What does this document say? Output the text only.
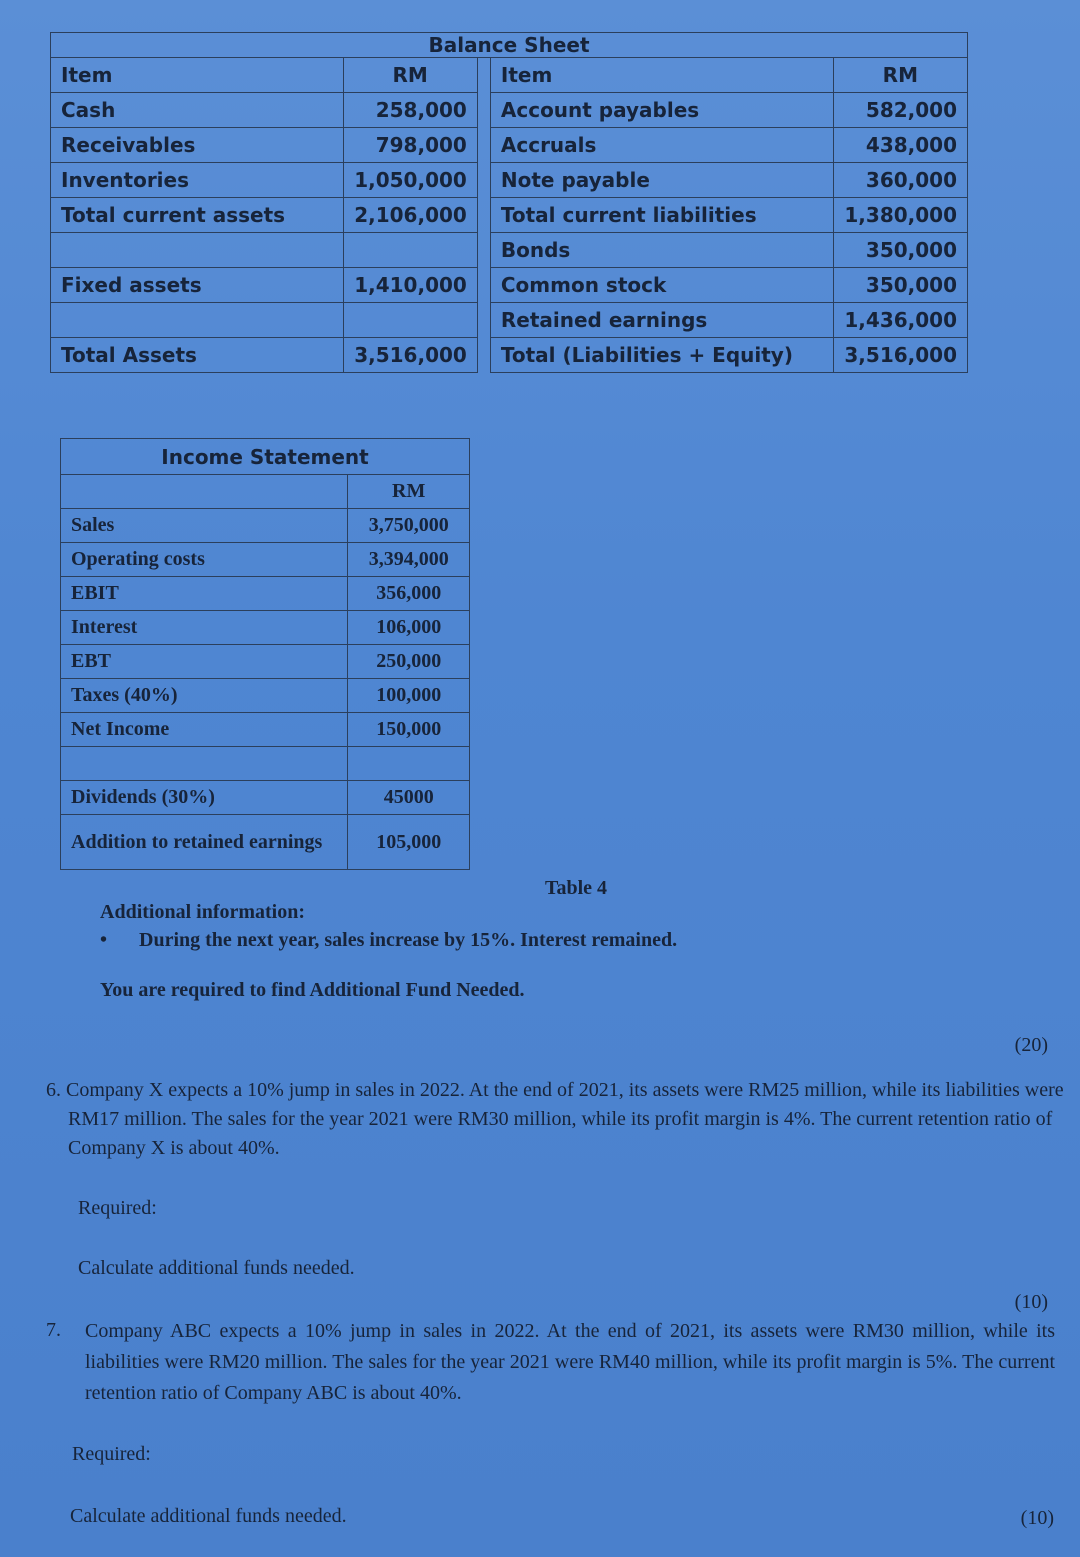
Balance Sheet				
Item	RM		Item	RM
Cash	258,000		Account payables	582,000
Receivables	798,000		Accruals	438,000
Inventories	1,050,000		Note payable	360,000
Total current assets	2,106,000		Total current liabilities	1,380,000
			Bonds	350,000
Fixed assets	1,410,000		Common stock	350,000
			Retained earnings	1,436,000
Total Assets	3,516,000		Total (Liabilities + Equity)	3,516,000
Income Statement	
	RM
Sales	3,750,000
Operating costs	3,394,000
EBIT	356,000
Interest	106,000
EBT	250,000
Taxes (40%)	100,000
Net Income	150,000

Dividends (30%)	45000
Addition to retained earnings	105,000
Table 4
Additional information:
• During the next year, sales increase by 15%. Interest remained.
You are required to find Additional Fund Needed.
(20)
6. Company X expects a 10% jump in sales in 2022. At the end of 2021, its assets were RM25 million, while its liabilities were RM17 million. The sales for the year 2021 were RM30 million, while its profit margin is 4%. The current retention ratio of Company X is about 40%.
Required:
Calculate additional funds needed.
(10)
7. Company ABC expects a 10% jump in sales in 2022. At the end of 2021, its assets were RM30 million, while its liabilities were RM20 million. The sales for the year 2021 were RM40 million, while its profit margin is 5%. The current retention ratio of Company ABC is about 40%.
Required:
Calculate additional funds needed.	(10)
